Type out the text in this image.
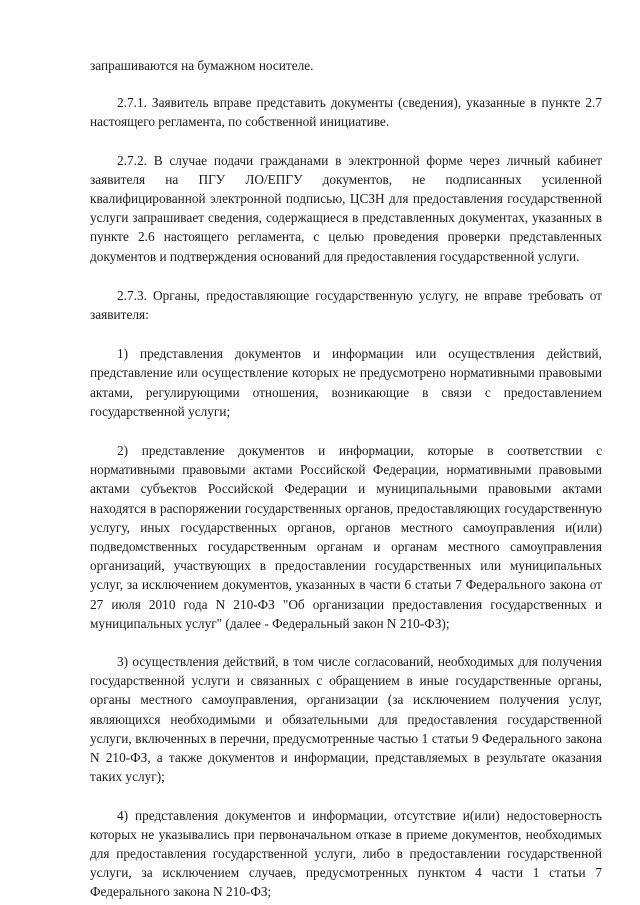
запрашиваются на бумажном носителе.

2.7.1. Заявитель вправе представить документы (сведения), указанные в пункте 2.7 настоящего регламента, по собственной инициативе.

2.7.2. В случае подачи гражданами в электронной форме через личный кабинет заявителя на ПГУ ЛО/ЕПГУ документов, не подписанных усиленной квалифицированной электронной подписью, ЦСЗН для предоставления государственной услуги запрашивает сведения, содержащиеся в представленных документах, указанных в пункте 2.6 настоящего регламента, с целью проведения проверки представленных документов и подтверждения оснований для предоставления государственной услуги.

2.7.3. Органы, предоставляющие государственную услугу, не вправе требовать от заявителя:

1) представления документов и информации или осуществления действий, представление или осуществление которых не предусмотрено нормативными правовыми актами, регулирующими отношения, возникающие в связи с предоставлением государственной услуги;

2) представление документов и информации, которые в соответствии с нормативными правовыми актами Российской Федерации, нормативными правовыми актами субъектов Российской Федерации и муниципальными правовыми актами находятся в распоряжении государственных органов, предоставляющих государственную услугу, иных государственных органов, органов местного самоуправления и(или) подведомственных государственным органам и органам местного самоуправления организаций, участвующих в предоставлении государственных или муниципальных услуг, за исключением документов, указанных в части 6 статьи 7 Федерального закона от 27 июля 2010 года N 210-ФЗ "Об организации предоставления государственных и муниципальных услуг" (далее - Федеральный закон N 210-ФЗ);

3) осуществления действий, в том числе согласований, необходимых для получения государственной услуги и связанных с обращением в иные государственные органы, органы местного самоуправления, организации (за исключением получения услуг, являющихся необходимыми и обязательными для предоставления государственной услуги, включенных в перечни, предусмотренные частью 1 статьи 9 Федерального закона N 210-ФЗ, а также документов и информации, представляемых в результате оказания таких услуг);

4) представления документов и информации, отсутствие и(или) недостоверность которых не указывались при первоначальном отказе в приеме документов, необходимых для предоставления государственной услуги, либо в предоставлении государственной услуги, за исключением случаев, предусмотренных пунктом 4 части 1 статьи 7 Федерального закона N 210-ФЗ;
